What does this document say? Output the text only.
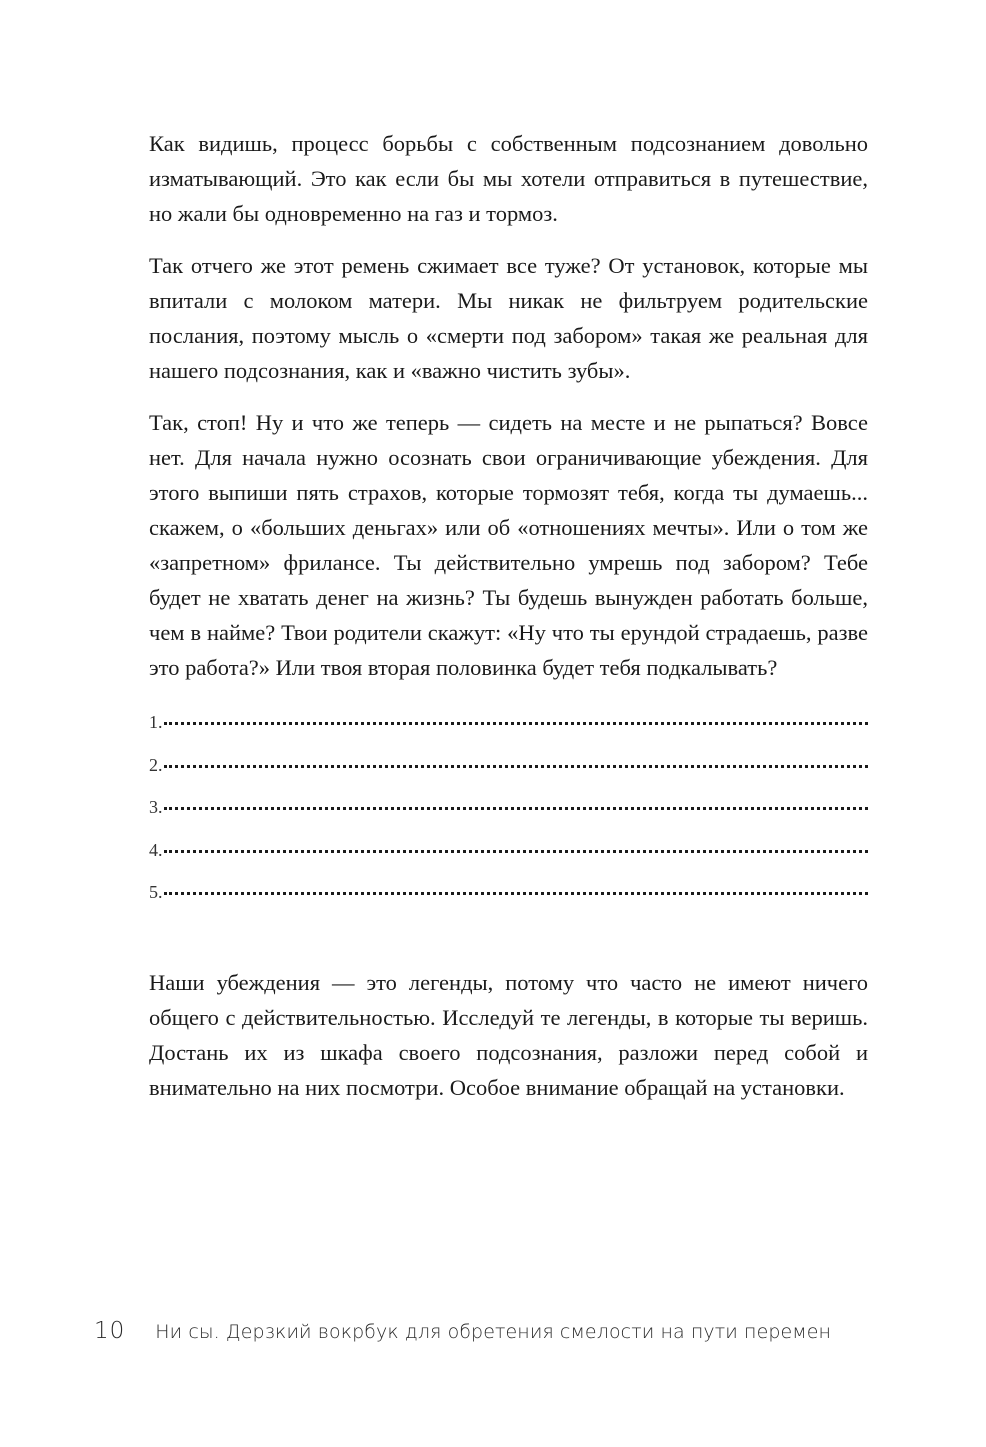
Как видишь, процесс борьбы с собственным подсознанием довольно изматывающий. Это как если бы мы хотели отправиться в путешествие, но жали бы одновременно на газ и тормоз.

Так отчего же этот ремень сжимает все туже? От установок, которые мы впитали с молоком матери. Мы никак не фильтруем родительские послания, поэтому мысль о «смерти под забором» такая же реальная для нашего подсознания, как и «важно чистить зубы».

Так, стоп! Ну и что же теперь — сидеть на месте и не рыпаться? Вовсе нет. Для начала нужно осознать свои ограничивающие убеждения. Для этого выпиши пять страхов, которые тормозят тебя, когда ты думаешь... скажем, о «больших деньгах» или об «отношениях мечты». Или о том же «запретном» фрилансе. Ты действительно умрешь под забором? Тебе будет не хватать денег на жизнь? Ты будешь вынужден работать больше, чем в найме? Твои родители скажут: «Ну что ты ерундой страдаешь, разве это работа?» Или твоя вторая половинка будет тебя подкалывать?

1.
2.
3.
4.
5.

Наши убеждения — это легенды, потому что часто не имеют ничего общего с действительностью. Исследуй те легенды, в которые ты веришь. Достань их из шкафа своего подсознания, разложи перед собой и внимательно на них посмотри. Особое внимание обращай на установки.

10 Ни сы. Дерзкий вокрбук для обретения смелости на пути перемен
